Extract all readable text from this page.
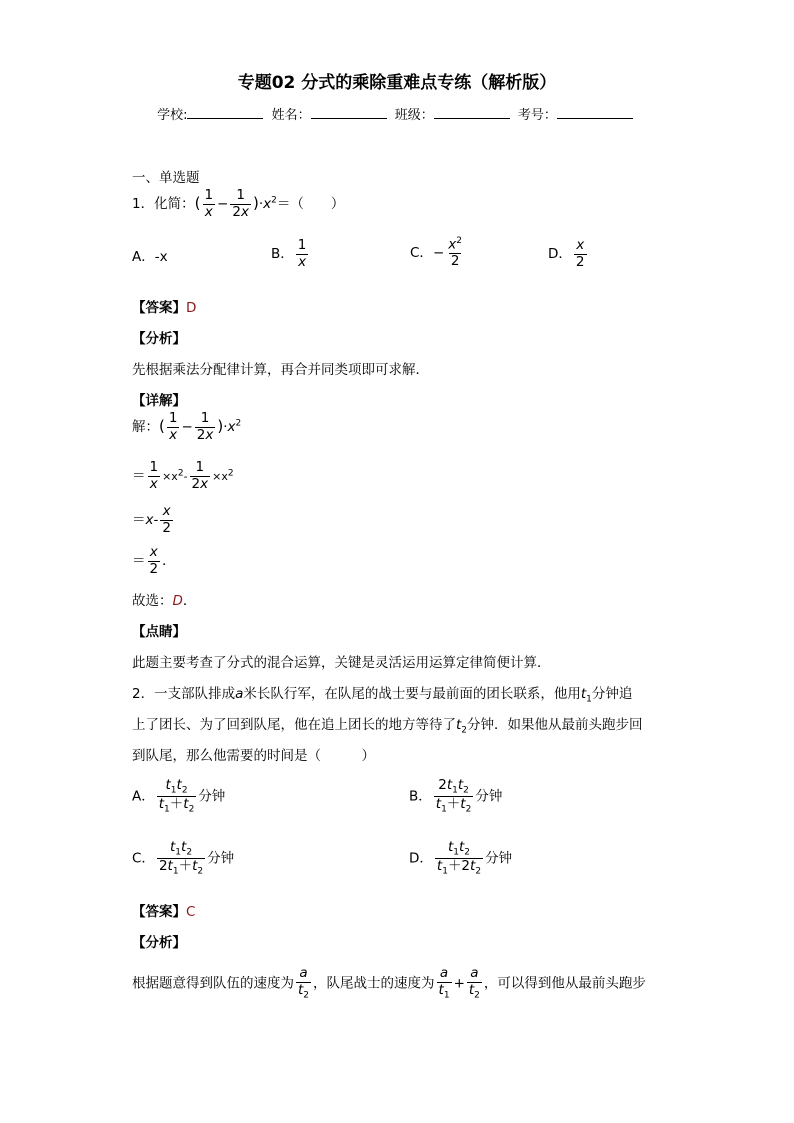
专题02 分式的乘除重难点专练（解析版）
学校:	姓名：	班级：	考号：
一、单选题
1．化简：( $\frac{1}{x} - \frac{1}{2x} )\cdot x^2=$（　　）
A．-x	B． $\frac{1}{x}$	C．− $\frac{x^2}{2}$	D． $\frac{x}{2}$
【答案】D
【分析】
先根据乘法分配律计算，再合并同类项即可求解．
【详解】
解：( $\frac{1}{x} - \frac{1}{2x} )\cdot x^2$
＝ $\frac{1}{x} \times x^2- \frac{1}{2x} \times x^2$
$=x- \frac{x}{2}$
＝ $\frac{x}{2}$ ．
故选：D．
【点睛】
此题主要考查了分式的混合运算，关键是灵活运用运算定律简便计算．
2．一支部队排成a米长队行军，在队尾的战士要与最前面的团长联系，他用$t_1$分钟追
上了团长、为了回到队尾，他在追上团长的地方等待了$t_2$分钟．如果他从最前头跑步回
到队尾，那么他需要的时间是（　　　）
A． $\frac{t_1t_2}{t_1+t_2}$ 分钟	B． $\frac{2t_1t_2}{t_1+t_2}$ 分钟
C． $\frac{t_1t_2}{2t_1+t_2}$ 分钟	D． $\frac{t_1t_2}{t_1+2t_2}$ 分钟
【答案】C
【分析】
根据题意得到队伍的速度为 $\frac{a}{t_2}$ ，队尾战士的速度为 $\frac{a}{t_1} + \frac{a}{t_2}$ ，可以得到他从最前头跑步
